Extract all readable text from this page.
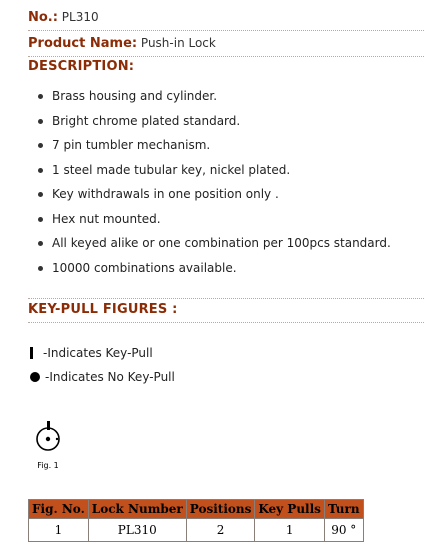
No.: PL310
Product Name: Push-in Lock
DESCRIPTION:
Brass housing and cylinder.
Bright chrome plated standard.
7 pin tumbler mechanism.
1 steel made tubular key, nickel plated.
Key withdrawals in one position only .
Hex nut mounted.
All keyed alike or one combination per 100pcs standard.
10000 combinations available.
KEY-PULL FIGURES :
-Indicates Key-Pull
-Indicates No Key-Pull
Fig. 1
Fig. No.	Lock Number	Positions	Key Pulls	Turn
1	PL310	2	1	90 °
